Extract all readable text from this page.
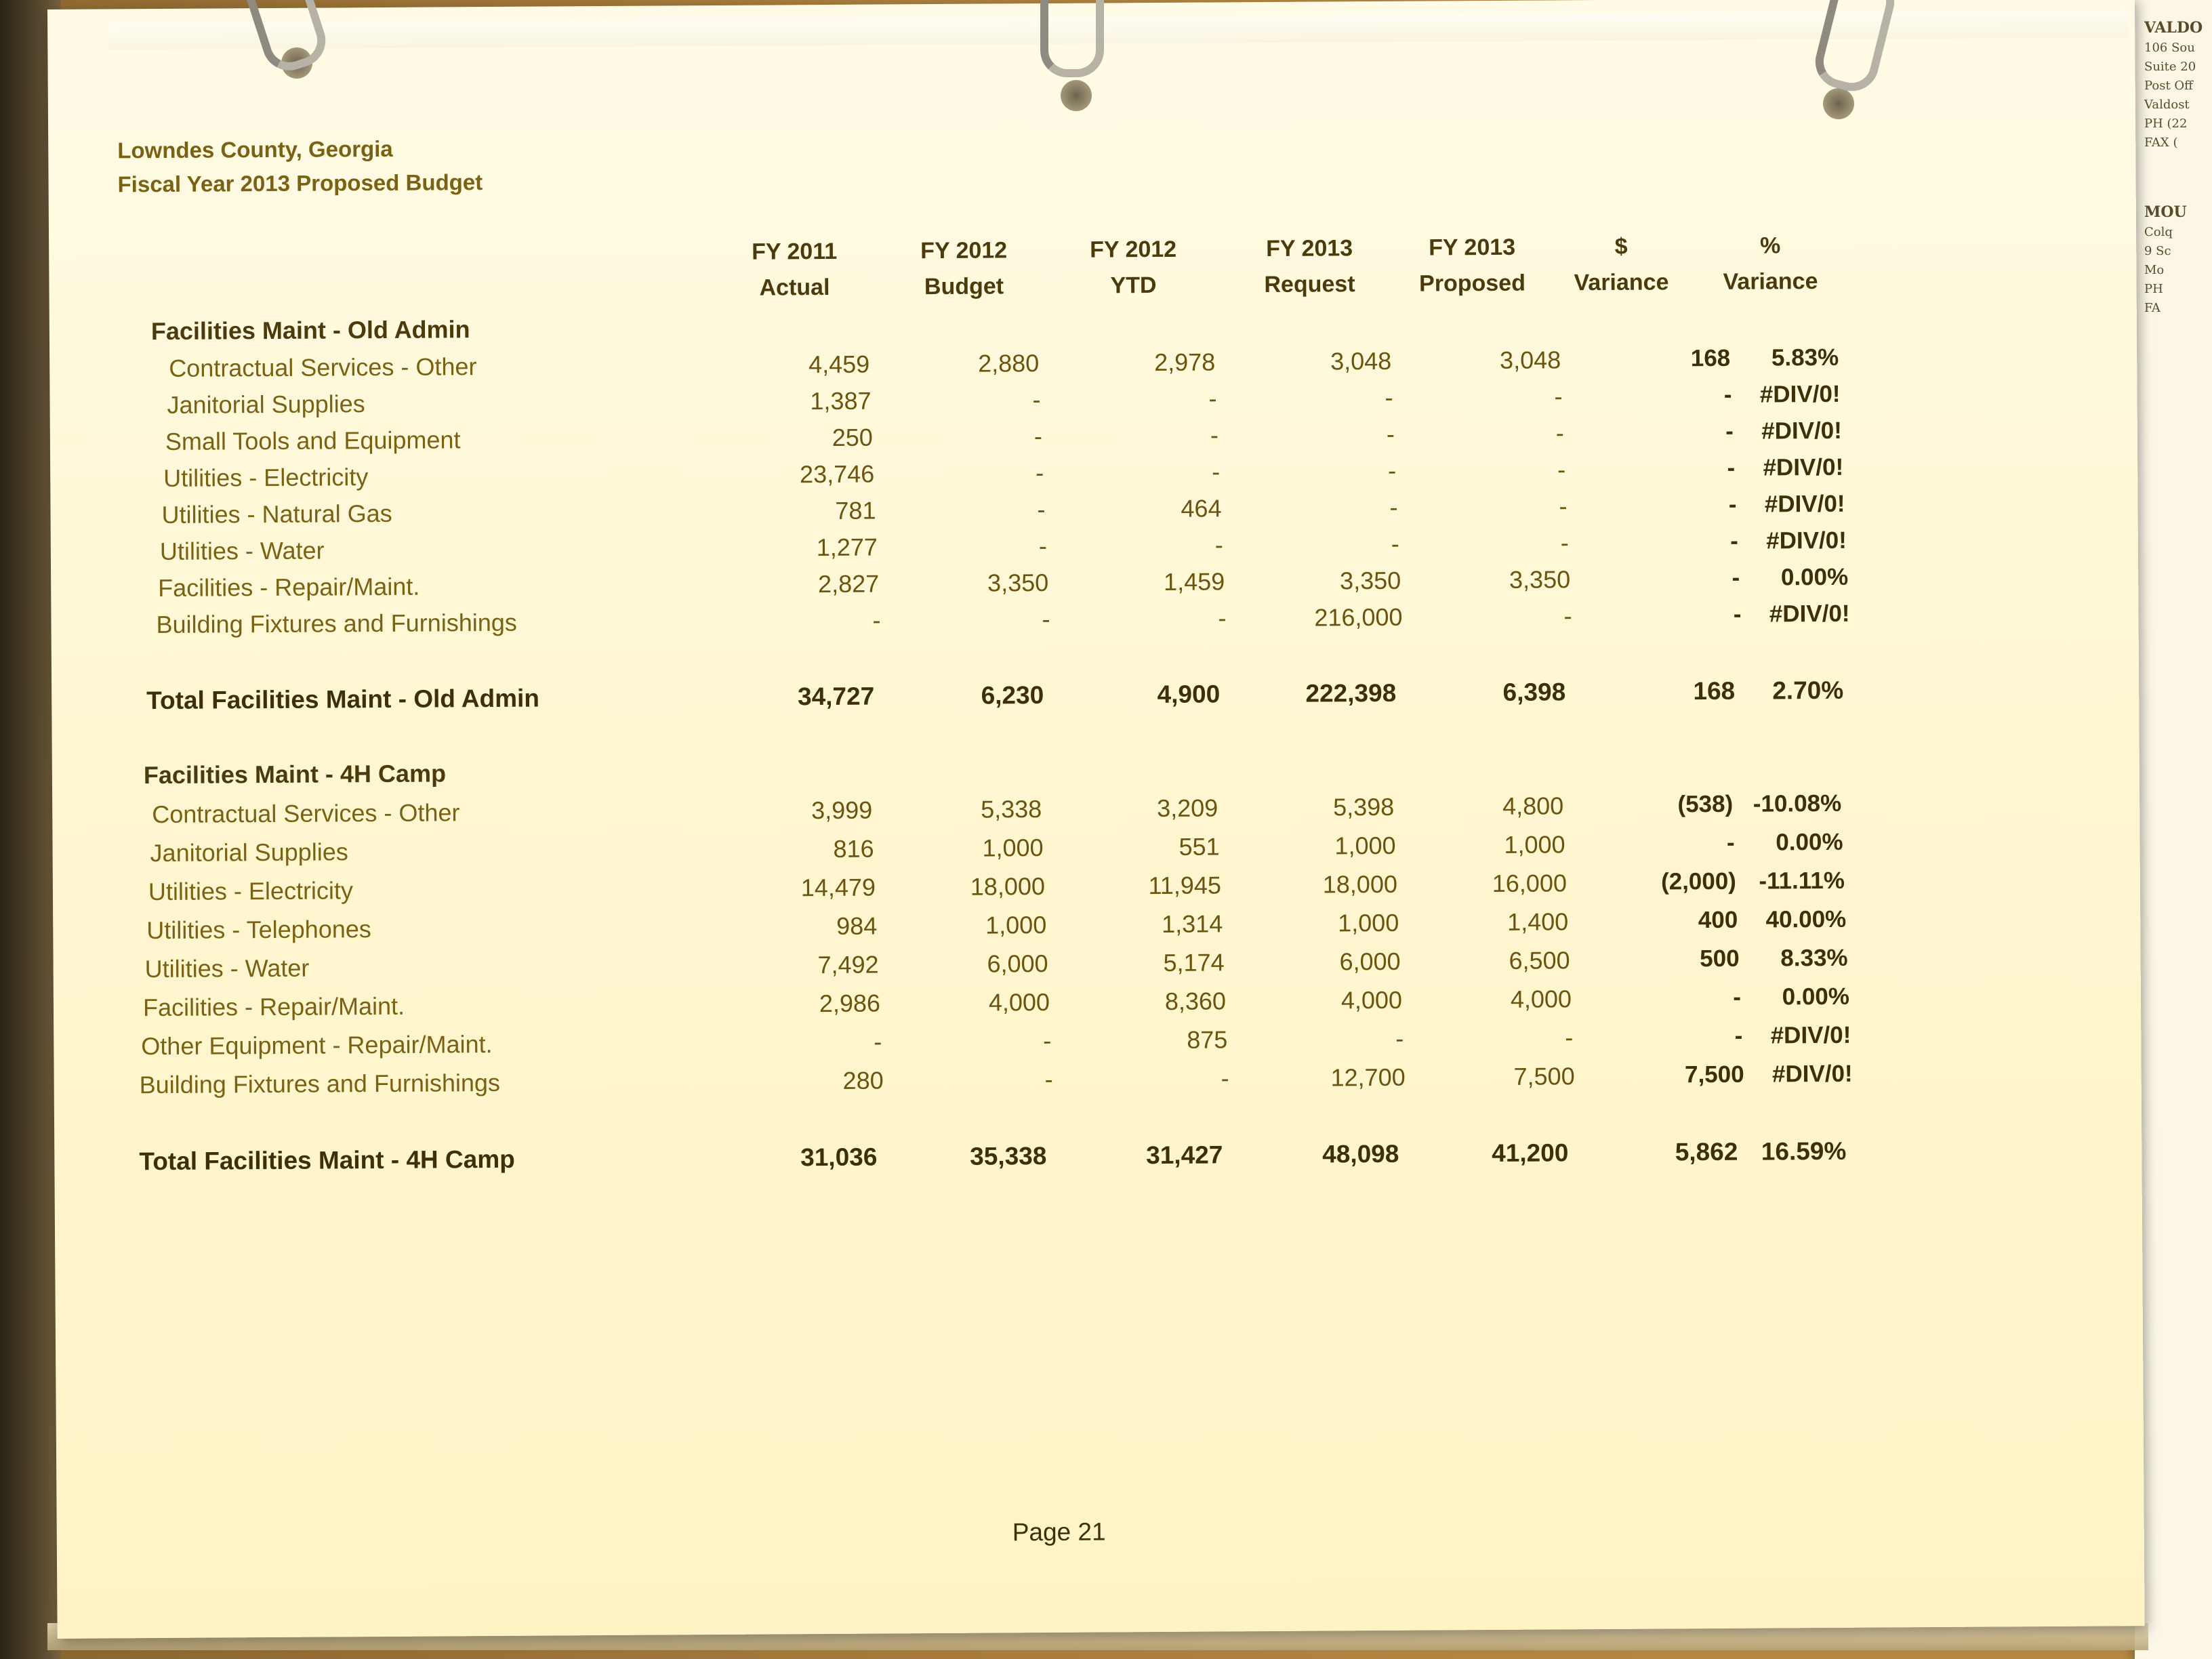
VALDO
106 Sou
Suite 20
Post Off
Valdost
PH (22
FAX (
MOU
Colq
9 Sc
Mo
PH
FA
Lowndes County, Georgia
Fiscal Year 2013 Proposed Budget
FY 2011
Actual
FY 2012
Budget
FY 2012
YTD
FY 2013
Request
FY 2013
Proposed
$
Variance
%
Variance
Facilities Maint - Old Admin
Contractual Services - Other	4,459	2,880	2,978	3,048	3,048	168	5.83%
Janitorial Supplies	1,387	-	-	-	-	-	#DIV/0!
Small Tools and Equipment	250	-	-	-	-	-	#DIV/0!
Utilities - Electricity	23,746	-	-	-	-	-	#DIV/0!
Utilities - Natural Gas	781	-	464	-	-	-	#DIV/0!
Utilities - Water	1,277	-	-	-	-	-	#DIV/0!
Facilities - Repair/Maint.	2,827	3,350	1,459	3,350	3,350	-	0.00%
Building Fixtures and Furnishings	-	-	-	216,000	-	-	#DIV/0!
Total Facilities Maint - Old Admin	34,727	6,230	4,900	222,398	6,398	168	2.70%
Facilities Maint - 4H Camp
Contractual Services - Other	3,999	5,338	3,209	5,398	4,800	(538) -10.08%
Janitorial Supplies	816	1,000	551	1,000	1,000	-	0.00%
Utilities - Electricity	14,479	18,000	11,945	18,000	16,000	(2,000) -11.11%
Utilities - Telephones	984	1,000	1,314	1,000	1,400	400	40.00%
Utilities - Water	7,492	6,000	5,174	6,000	6,500	500	8.33%
Facilities - Repair/Maint.	2,986	4,000	8,360	4,000	4,000	-	0.00%
Other Equipment - Repair/Maint.	-	-	875	-	-	-	#DIV/0!
Building Fixtures and Furnishings	280	-	-	12,700	7,500	7,500	#DIV/0!
Total Facilities Maint - 4H Camp	31,036	35,338	31,427	48,098	41,200	5,862 16.59%
Page 21
